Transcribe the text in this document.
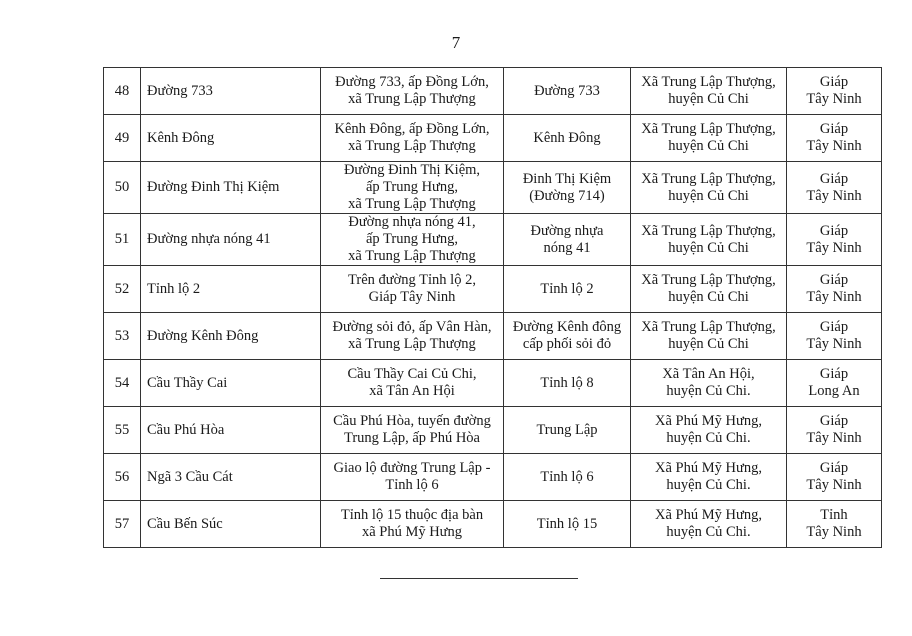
7
48	Đường 733	Đường 733, ấp Đồng Lớn,
xã Trung Lập Thượng	Đường 733	Xã Trung Lập Thượng,
huyện Củ Chi	Giáp
Tây Ninh

49	Kênh Đông	Kênh Đông, ấp Đồng Lớn,
xã Trung Lập Thượng	Kênh Đông	Xã Trung Lập Thượng,
huyện Củ Chi	Giáp
Tây Ninh

50	Đường Đinh Thị Kiệm	Đường Đinh Thị Kiệm,
ấp Trung Hưng,
xã Trung Lập Thượng	Đinh Thị Kiệm
(Đường 714)	Xã Trung Lập Thượng,
huyện Củ Chi	Giáp
Tây Ninh

51	Đường nhựa nóng 41	Đường nhựa nóng 41,
ấp Trung Hưng,
xã Trung Lập Thượng	Đường nhựa
nóng 41	Xã Trung Lập Thượng,
huyện Củ Chi	Giáp
Tây Ninh

52	Tỉnh lộ 2	Trên đường Tỉnh lộ 2,
Giáp Tây Ninh	Tỉnh lộ 2	Xã Trung Lập Thượng,
huyện Củ Chi	Giáp
Tây Ninh

53	Đường Kênh Đông	Đường sỏi đỏ, ấp Vân Hàn,
xã Trung Lập Thượng	Đường Kênh đông
cấp phối sỏi đỏ	Xã Trung Lập Thượng,
huyện Củ Chi	Giáp
Tây Ninh

54	Cầu Thầy Cai	Cầu Thầy Cai Củ Chi,
xã Tân An Hội	Tỉnh lộ 8	Xã Tân An Hội,
huyện Củ Chi.	Giáp
Long An

55	Cầu Phú Hòa	Cầu Phú Hòa, tuyến đường
Trung Lập, ấp Phú Hòa	Trung Lập	Xã Phú Mỹ Hưng,
huyện Củ Chi.	Giáp
Tây Ninh

56	Ngã 3 Cầu Cát	Giao lộ đường Trung Lập -
Tỉnh lộ 6	Tỉnh lộ 6	Xã Phú Mỹ Hưng,
huyện Củ Chi.	Giáp
Tây Ninh

57	Cầu Bến Súc	Tỉnh lộ 15 thuộc địa bàn
xã Phú Mỹ Hưng	Tỉnh lộ 15	Xã Phú Mỹ Hưng,
huyện Củ Chi.	Tỉnh
Tây Ninh
